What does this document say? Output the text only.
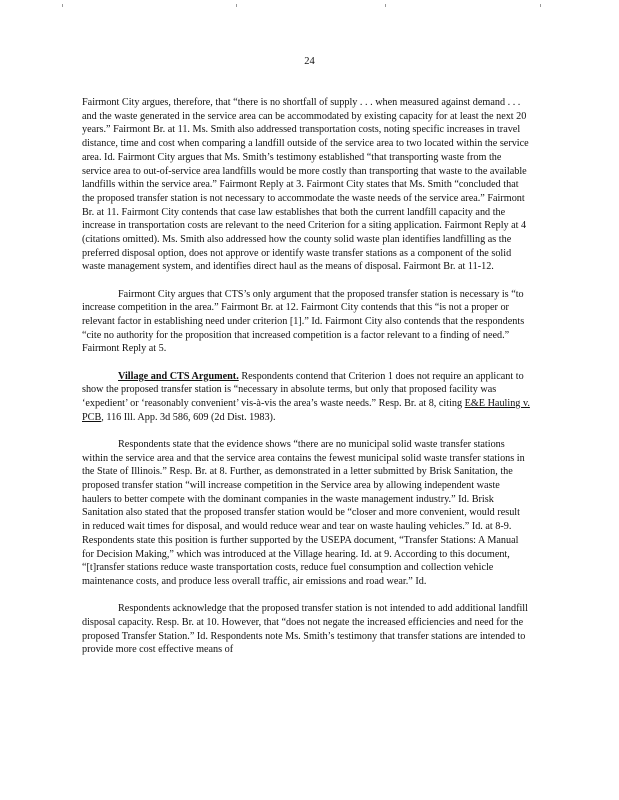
24

Fairmont City argues, therefore, that “there is no shortfall of supply . . . when measured against demand . . . and the waste generated in the service area can be accommodated by existing capacity for at least the next 20 years.” Fairmont Br. at 11. Ms. Smith also addressed transportation costs, noting specific increases in travel distance, time and cost when comparing a landfill outside of the service area to two located within the service area. Id. Fairmont City argues that Ms. Smith’s testimony established “that transporting waste from the service area to out-of-service area landfills would be more costly than transporting that waste to the available landfills within the service area.” Fairmont Reply at 3. Fairmont City states that Ms. Smith “concluded that the proposed transfer station is not necessary to accommodate the waste needs of the service area.” Fairmont Br. at 11. Fairmont City contends that case law establishes that both the current landfill capacity and the increase in transportation costs are relevant to the need Criterion for a siting application. Fairmont Reply at 4 (citations omitted). Ms. Smith also addressed how the county solid waste plan identifies landfilling as the preferred disposal option, does not approve or identify waste transfer stations as a component of the solid waste management system, and identifies direct haul as the means of disposal. Fairmont Br. at 11-12.

Fairmont City argues that CTS’s only argument that the proposed transfer station is necessary is “to increase competition in the area.” Fairmont Br. at 12. Fairmont City contends that this “is not a proper or relevant factor in establishing need under criterion [1].” Id. Fairmont City also contends that the respondents “cite no authority for the proposition that increased competition is a factor relevant to a finding of need.” Fairmont Reply at 5.

Village and CTS Argument. Respondents contend that Criterion 1 does not require an applicant to show the proposed transfer station is “necessary in absolute terms, but only that proposed facility was ‘expedient’ or ‘reasonably convenient’ vis-à-vis the area’s waste needs.” Resp. Br. at 8, citing E&E Hauling v. PCB, 116 Ill. App. 3d 586, 609 (2d Dist. 1983).

Respondents state that the evidence shows “there are no municipal solid waste transfer stations within the service area and that the service area contains the fewest municipal solid waste transfer stations in the State of Illinois.” Resp. Br. at 8. Further, as demonstrated in a letter submitted by Brisk Sanitation, the proposed transfer station “will increase competition in the Service area by allowing independent waste haulers to better compete with the dominant companies in the waste management industry.” Id. Brisk Sanitation also stated that the proposed transfer station would be “closer and more convenient, would result in reduced wait times for disposal, and would reduce wear and tear on waste hauling vehicles.” Id. at 8-9. Respondents state this position is further supported by the USEPA document, “Transfer Stations: A Manual for Decision Making,” which was introduced at the Village hearing. Id. at 9. According to this document, “[t]ransfer stations reduce waste transportation costs, reduce fuel consumption and collection vehicle maintenance costs, and produce less overall traffic, air emissions and road wear.” Id.

Respondents acknowledge that the proposed transfer station is not intended to add additional landfill disposal capacity. Resp. Br. at 10. However, that “does not negate the increased efficiencies and need for the proposed Transfer Station.” Id. Respondents note Ms. Smith’s testimony that transfer stations are intended to provide more cost effective means of
